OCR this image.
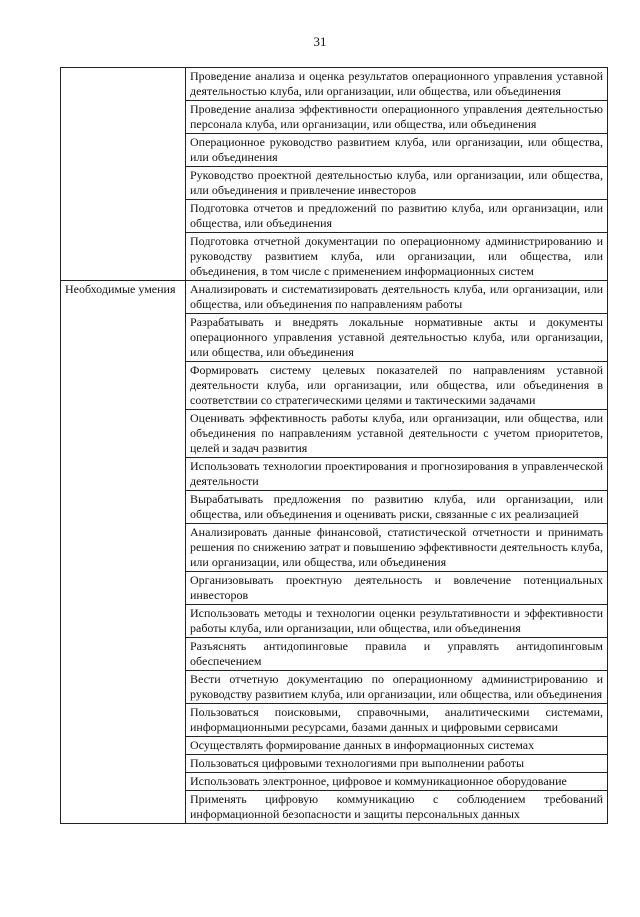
31
	Проведение анализа и оценка результатов операционного управления уставной деятельностью клуба, или организации, или общества, или объединения
	Проведение анализа эффективности операционного управления деятельностью персонала клуба, или организации, или общества, или объединения
	Операционное руководство развитием клуба, или организации, или общества, или объединения
	Руководство проектной деятельностью клуба, или организации, или общества, или объединения и привлечение инвесторов
	Подготовка отчетов и предложений по развитию клуба, или организации, или общества, или объединения
	Подготовка отчетной документации по операционному администрированию и руководству развитием клуба, или организации, или общества, или объединения, в том числе с применением информационных систем
Необходимые умения	Анализировать и систематизировать деятельность клуба, или организации, или общества, или объединения по направлениям работы
	Разрабатывать и внедрять локальные нормативные акты и документы операционного управления уставной деятельностью клуба, или организации, или общества, или объединения
	Формировать систему целевых показателей по направлениям уставной деятельности клуба, или организации, или общества, или объединения в соответствии со стратегическими целями и тактическими задачами
	Оценивать эффективность работы клуба, или организации, или общества, или объединения по направлениям уставной деятельности с учетом приоритетов, целей и задач развития
	Использовать технологии проектирования и прогнозирования в управленческой деятельности
	Вырабатывать предложения по развитию клуба, или организации, или общества, или объединения и оценивать риски, связанные с их реализацией
	Анализировать данные финансовой, статистической отчетности и принимать решения по снижению затрат и повышению эффективности деятельность клуба, или организации, или общества, или объединения
	Организовывать проектную деятельность и вовлечение потенциальных инвесторов
	Использовать методы и технологии оценки результативности и эффективности работы клуба, или организации, или общества, или объединения
	Разъяснять антидопинговые правила и управлять антидопинговым обеспечением
	Вести отчетную документацию по операционному администрированию и руководству развитием клуба, или организации, или общества, или объединения
	Пользоваться поисковыми, справочными, аналитическими системами, информационными ресурсами, базами данных и цифровыми сервисами
	Осуществлять формирование данных в информационных системах
	Пользоваться цифровыми технологиями при выполнении работы
	Использовать электронное, цифровое и коммуникационное оборудование
	Применять цифровую коммуникацию с соблюдением требований информационной безопасности и защиты персональных данных
